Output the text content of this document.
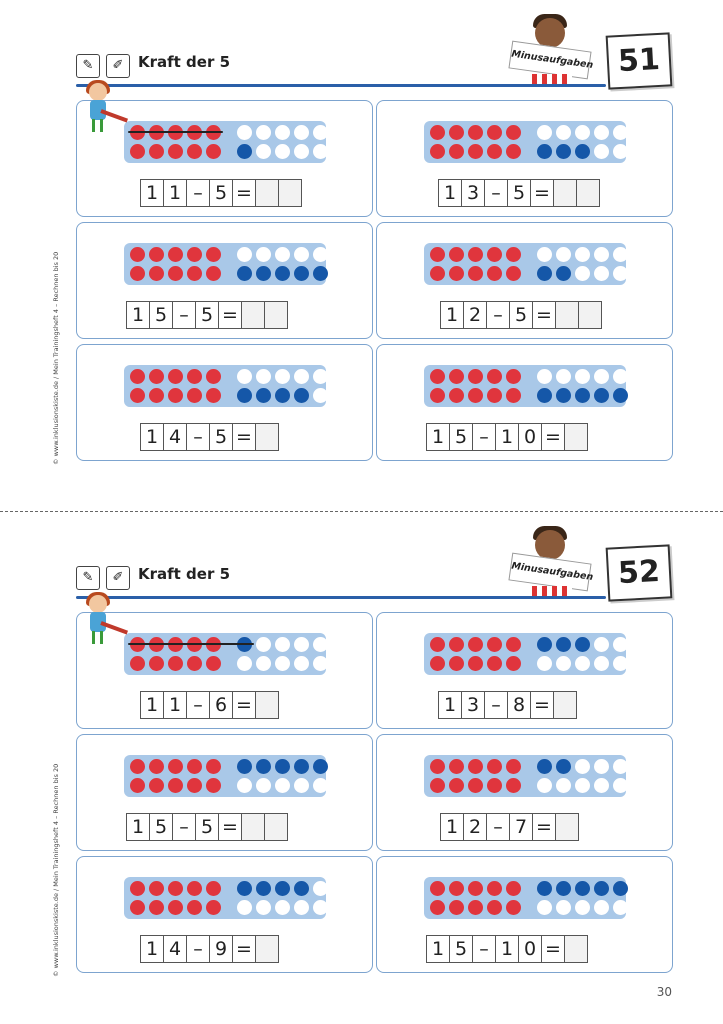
© www.inklusionskiste.de / Mein Trainingsheft 4 – Rechnen bis 20
✎	✐ Kraft der 5	Minusaufgaben 51
1 1 – 5 =	1 3 – 5 =
1 5 – 5 =	1 2 – 5 =
1 4 – 5 =	1 5 – 1 0 =
© www.inklusionskiste.de / Mein Trainingsheft 4 – Rechnen bis 20
✎	✐ Kraft der 5	Minusaufgaben 52
1 1 – 6 =	1 3 – 8 =
1 5 – 5 =	1 2 – 7 =
1 4 – 9 =	1 5 – 1 0 =
30
